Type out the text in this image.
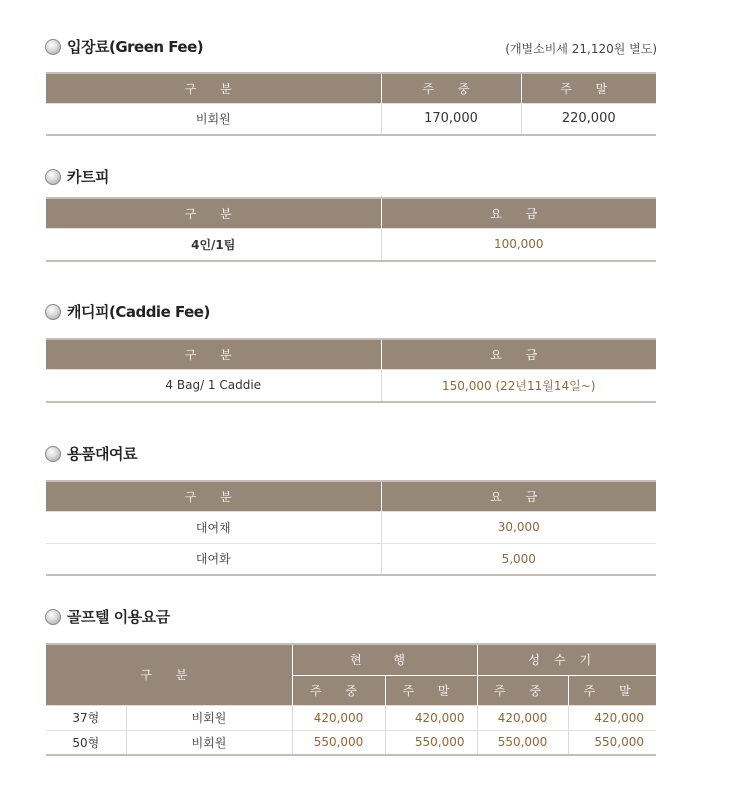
입장료(Green Fee)	(개별소비세 21,120원 별도)
구 분	주 중	주 말
비회원	170,000	220,000
카트피
구 분	요 금
4인/1팀	100,000
캐디피(Caddie Fee)
구 분	요 금
4 Bag/ 1 Caddie	150,000 (22년11월14일~)
용품대여료
구 분	요 금
대여채	30,000
대여화	5,000
골프텔 이용요금
구 분		현 행		성수기	
		주 중	주 말	주 중	주 말
37형	비회원	420,000	420,000	420,000	420,000
50형	비회원	550,000	550,000	550,000	550,000
